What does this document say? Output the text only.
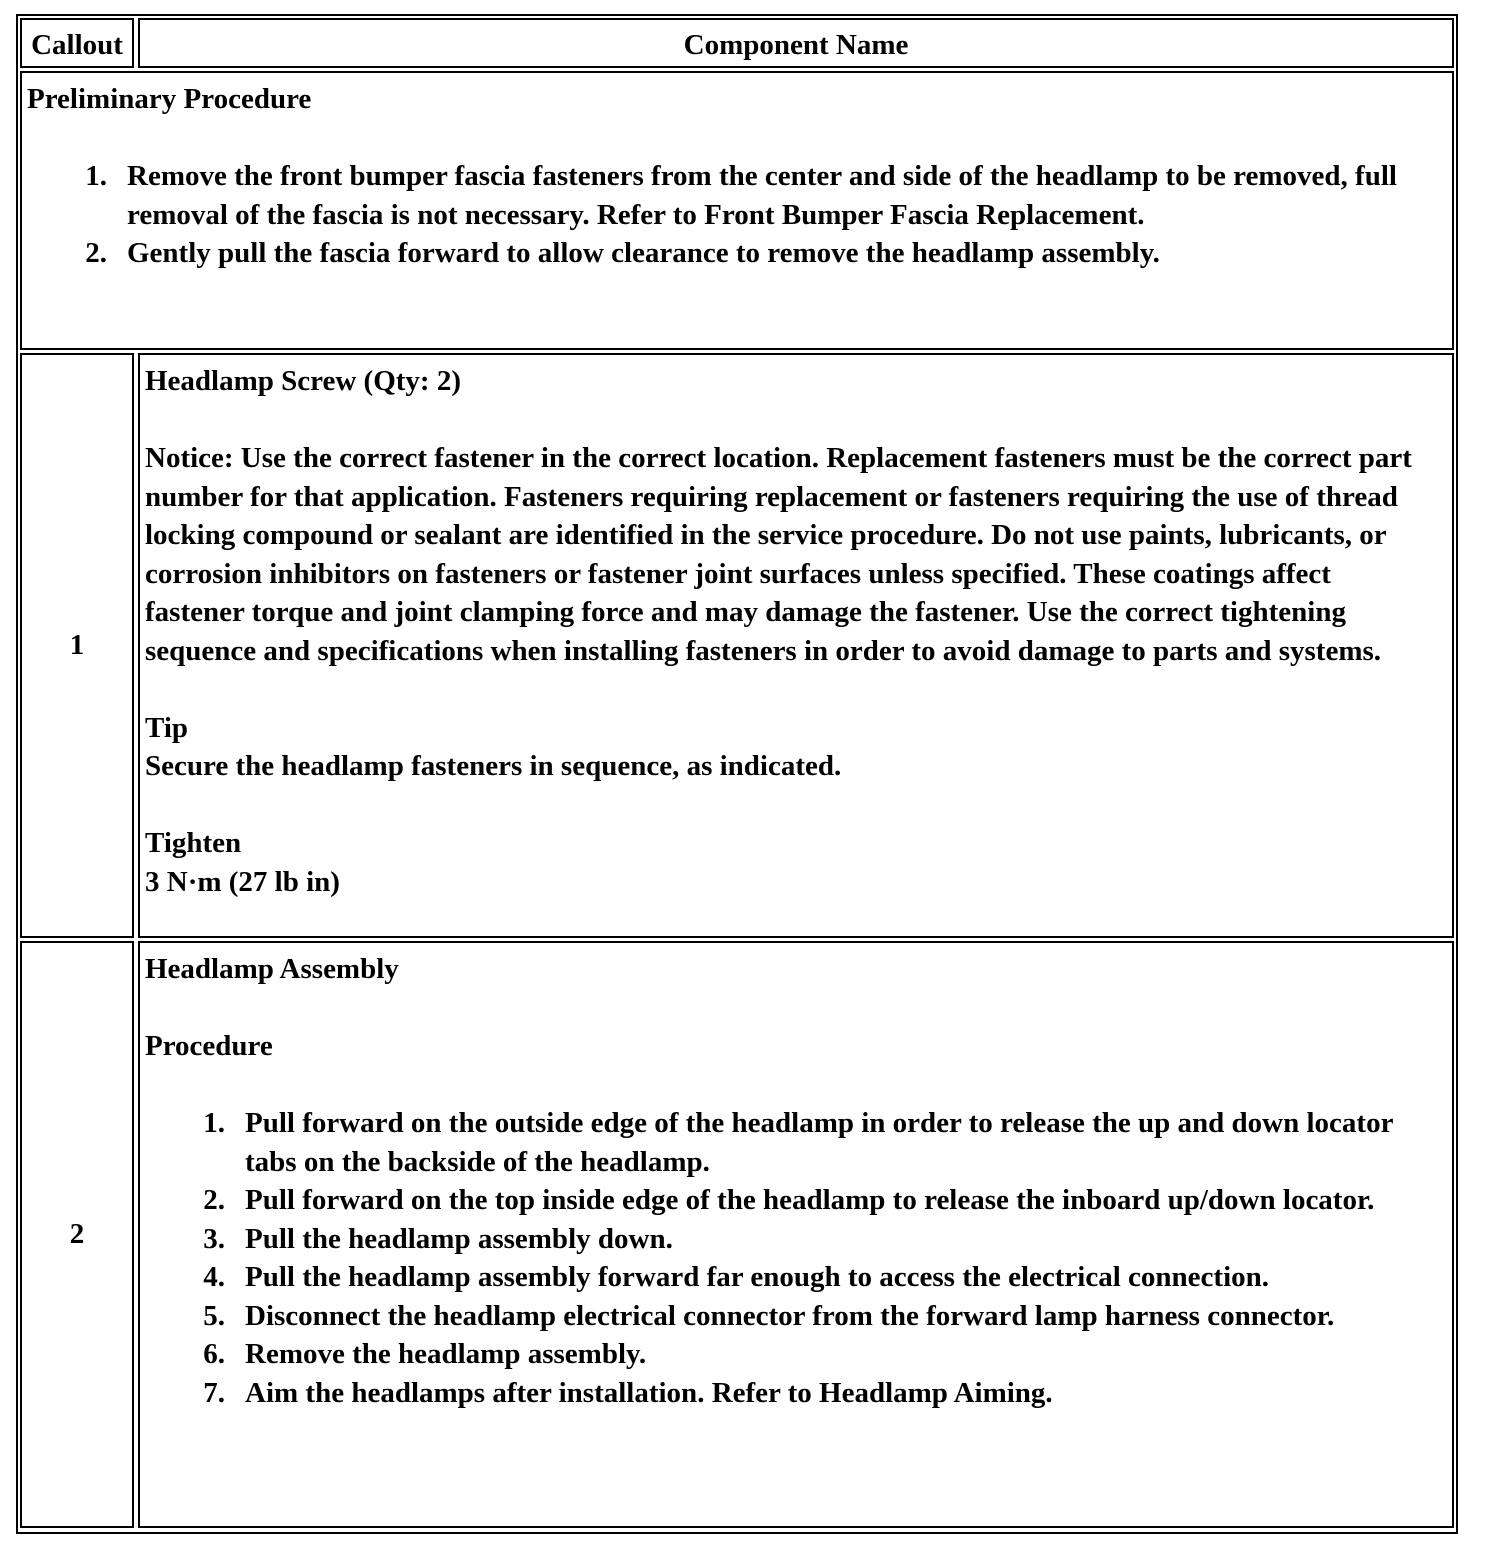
Callout	Component Name
Preliminary Procedure
1. Remove the front bumper fascia fasteners from the center and side of the headlamp to be removed, full removal of the fascia is not necessary. Refer to Front Bumper Fascia Replacement.
2. Gently pull the fascia forward to allow clearance to remove the headlamp assembly.
1
Headlamp Screw (Qty: 2)
Notice: Use the correct fastener in the correct location. Replacement fasteners must be the correct part number for that application. Fasteners requiring replacement or fasteners requiring the use of thread locking compound or sealant are identified in the service procedure. Do not use paints, lubricants, or corrosion inhibitors on fasteners or fastener joint surfaces unless specified. These coatings affect fastener torque and joint clamping force and may damage the fastener. Use the correct tightening sequence and specifications when installing fasteners in order to avoid damage to parts and systems.
Tip
Secure the headlamp fasteners in sequence, as indicated.
Tighten
3 N·m (27 lb in)
2
Headlamp Assembly
Procedure
1. Pull forward on the outside edge of the headlamp in order to release the up and down locator tabs on the backside of the headlamp.
2. Pull forward on the top inside edge of the headlamp to release the inboard up/down locator.
3. Pull the headlamp assembly down.
4. Pull the headlamp assembly forward far enough to access the electrical connection.
5. Disconnect the headlamp electrical connector from the forward lamp harness connector.
6. Remove the headlamp assembly.
7. Aim the headlamps after installation. Refer to Headlamp Aiming.
